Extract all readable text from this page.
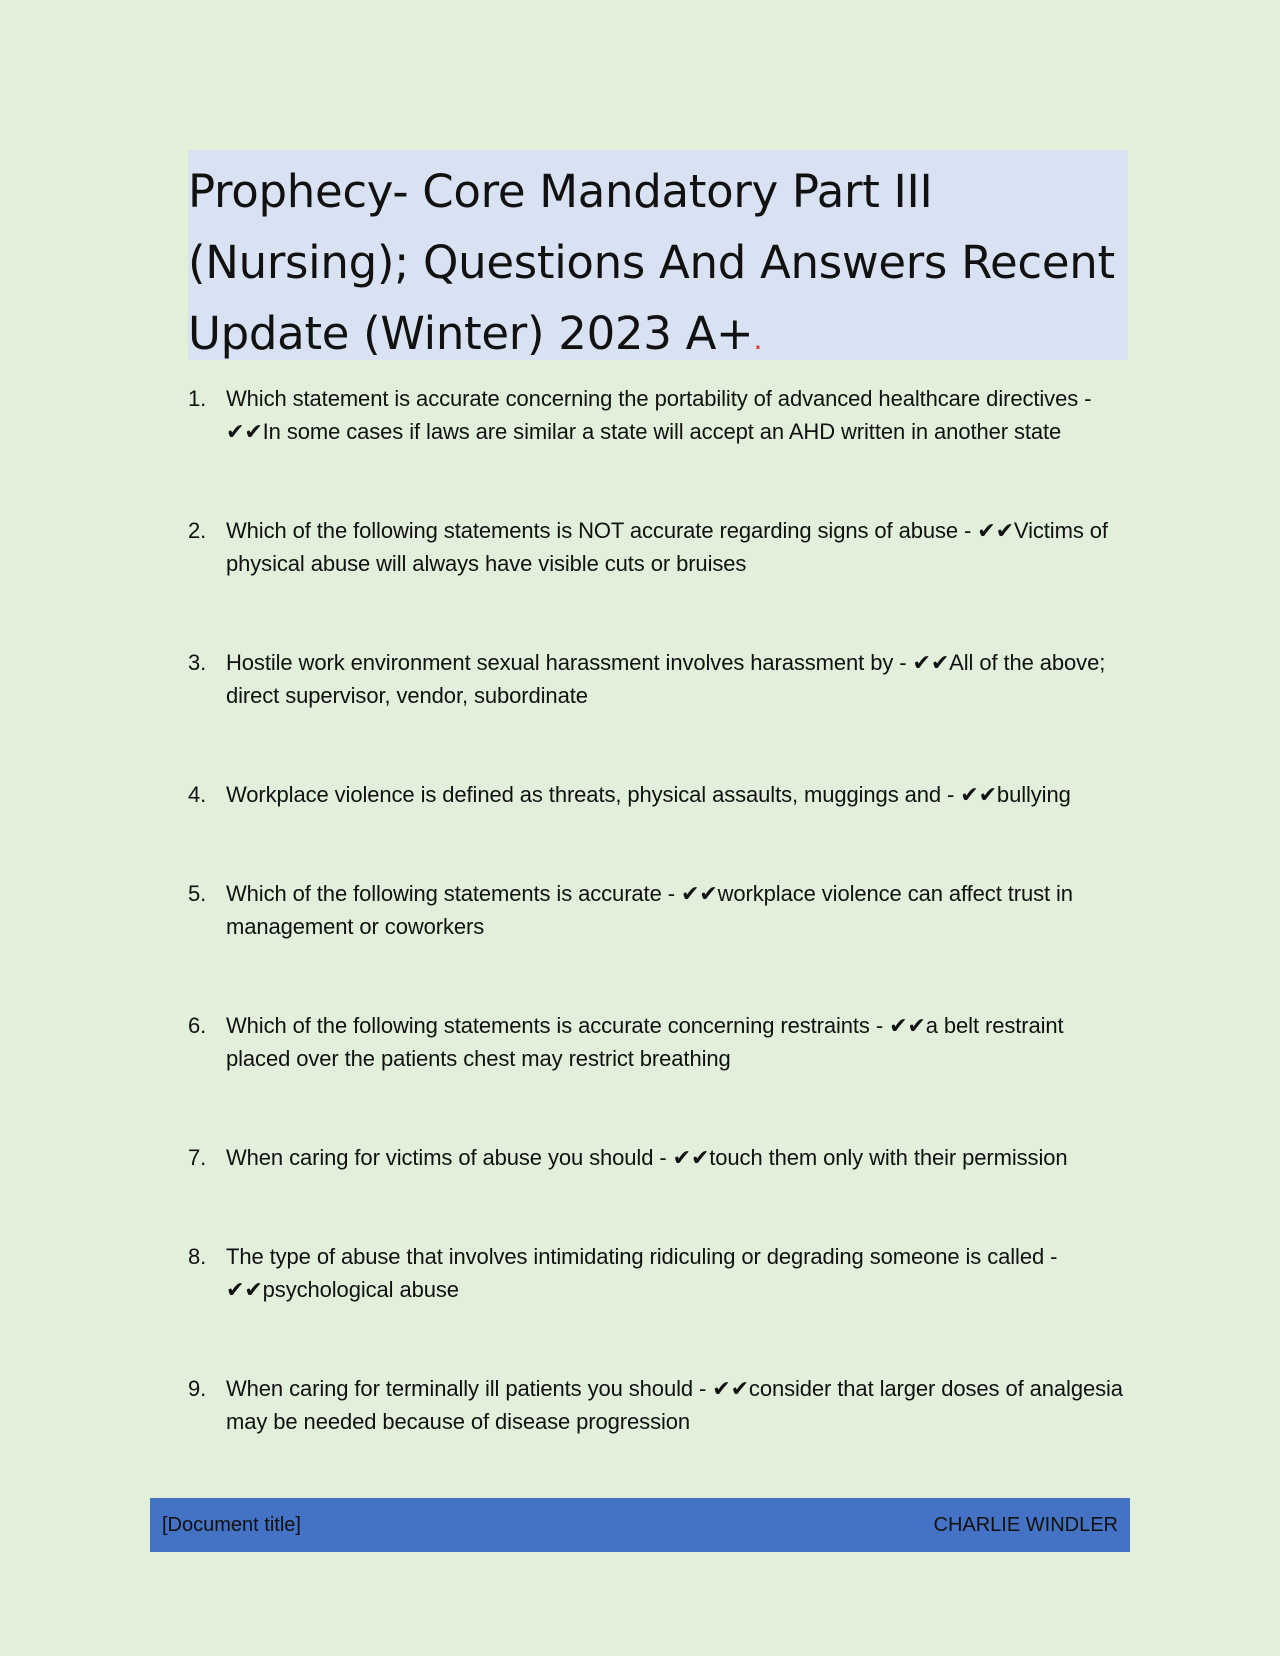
Prophecy- Core Mandatory Part III (Nursing); Questions And Answers Recent Update (Winter) 2023 A+.
1. Which statement is accurate concerning the portability of advanced healthcare directives - ✔✔In some cases if laws are similar a state will accept an AHD written in another state
2. Which of the following statements is NOT accurate regarding signs of abuse - ✔✔Victims of physical abuse will always have visible cuts or bruises
3. Hostile work environment sexual harassment involves harassment by - ✔✔All of the above; direct supervisor, vendor, subordinate
4. Workplace violence is defined as threats, physical assaults, muggings and - ✔✔bullying
5. Which of the following statements is accurate - ✔✔workplace violence can affect trust in management or coworkers
6. Which of the following statements is accurate concerning restraints - ✔✔a belt restraint placed over the patients chest may restrict breathing
7. When caring for victims of abuse you should - ✔✔touch them only with their permission
8. The type of abuse that involves intimidating ridiculing or degrading someone is called - ✔✔psychological abuse
9. When caring for terminally ill patients you should - ✔✔consider that larger doses of analgesia may be needed because of disease progression
[Document title]	CHARLIE WINDLER
